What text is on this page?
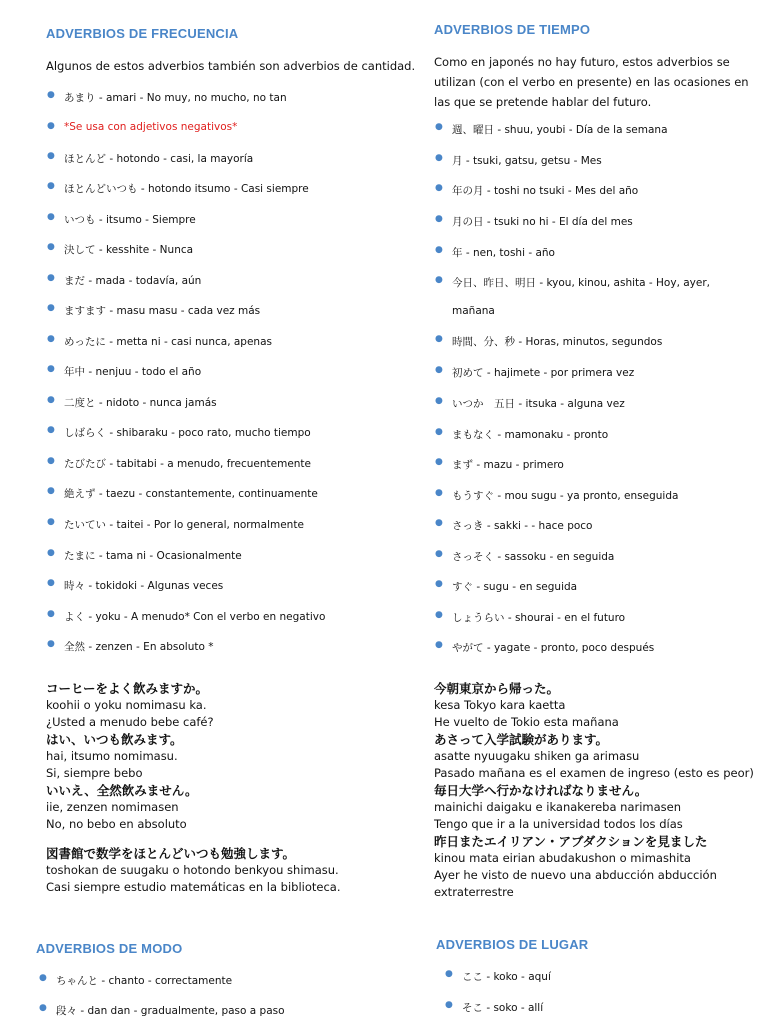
ADVERBIOS DE FRECUENCIA
Algunos de estos adverbios también son adverbios de cantidad.
● あまり - amari - No muy, no mucho, no tan
● *Se usa con adjetivos negativos*
● ほとんど - hotondo - casi, la mayoría
● ほとんどいつも - hotondo itsumo - Casi siempre
● いつも - itsumo - Siempre
● 決して - kesshite - Nunca
● まだ - mada - todavía, aún
● ますます - masu masu - cada vez más
● めったに - metta ni - casi nunca, apenas
● 年中 - nenjuu - todo el año
● 二度と - nidoto - nunca jamás
● しばらく - shibaraku - poco rato, mucho tiempo
● たびたび - tabitabi - a menudo, frecuentemente
● 絶えず - taezu - constantemente, continuamente
● たいてい - taitei - Por lo general, normalmente
● たまに - tama ni - Ocasionalmente
● 時々 - tokidoki - Algunas veces
● よく - yoku - A menudo* Con el verbo en negativo
● 全然 - zenzen - En absoluto *
コーヒーをよく飲みますか。
koohii o yoku nomimasu ka.
¿Usted a menudo bebe café?
はい、いつも飲みます。
hai, itsumo nomimasu.
Si, siempre bebo
いいえ、全然飲みません。
iie, zenzen nomimasen
No, no bebo en absoluto
図書館で数学をほとんどいつも勉強します。
toshokan de suugaku o hotondo benkyou shimasu.
Casi siempre estudio matemáticas en la biblioteca.
ADVERBIOS DE MODO
● ちゃんと - chanto - correctamente
● 段々 - dan dan - gradualmente, paso a paso
ADVERBIOS DE TIEMPO
Como en japonés no hay futuro, estos adverbios se utilizan (con el verbo en presente) en las ocasiones en las que se pretende hablar del futuro.
● 週、曜日 - shuu, youbi - Día de la semana
● 月 - tsuki, gatsu, getsu - Mes
● 年の月 - toshi no tsuki - Mes del año
● 月の日 - tsuki no hi - El día del mes
● 年 - nen, toshi - año
● 今日、昨日、明日 - kyou, kinou, ashita - Hoy, ayer,
mañana
● 時間、分、秒 - Horas, minutos, segundos
● 初めて - hajimete - por primera vez
● いつか　五日 - itsuka - alguna vez
● まもなく - mamonaku - pronto
● まず - mazu - primero
● もうすぐ - mou sugu - ya pronto, enseguida
● さっき - sakki - - hace poco
● さっそく - sassoku - en seguida
● すぐ - sugu - en seguida
● しょうらい - shourai - en el futuro
● やがて - yagate - pronto, poco después
今朝東京から帰った。
kesa Tokyo kara kaetta
He vuelto de Tokio esta mañana
あさって入学試験があります。
asatte nyuugaku shiken ga arimasu
Pasado mañana es el examen de ingreso (esto es peor)
毎日大学へ行かなければなりません。
mainichi daigaku e ikanakereba narimasen
Tengo que ir a la universidad todos los días
昨日またエイリアン・アブダクションを見ました
kinou mata eirian abudakushon o mimashita
Ayer he visto de nuevo una abducción abducción
extraterrestre
ADVERBIOS DE LUGAR
● ここ - koko - aquí
● そこ - soko - allí
